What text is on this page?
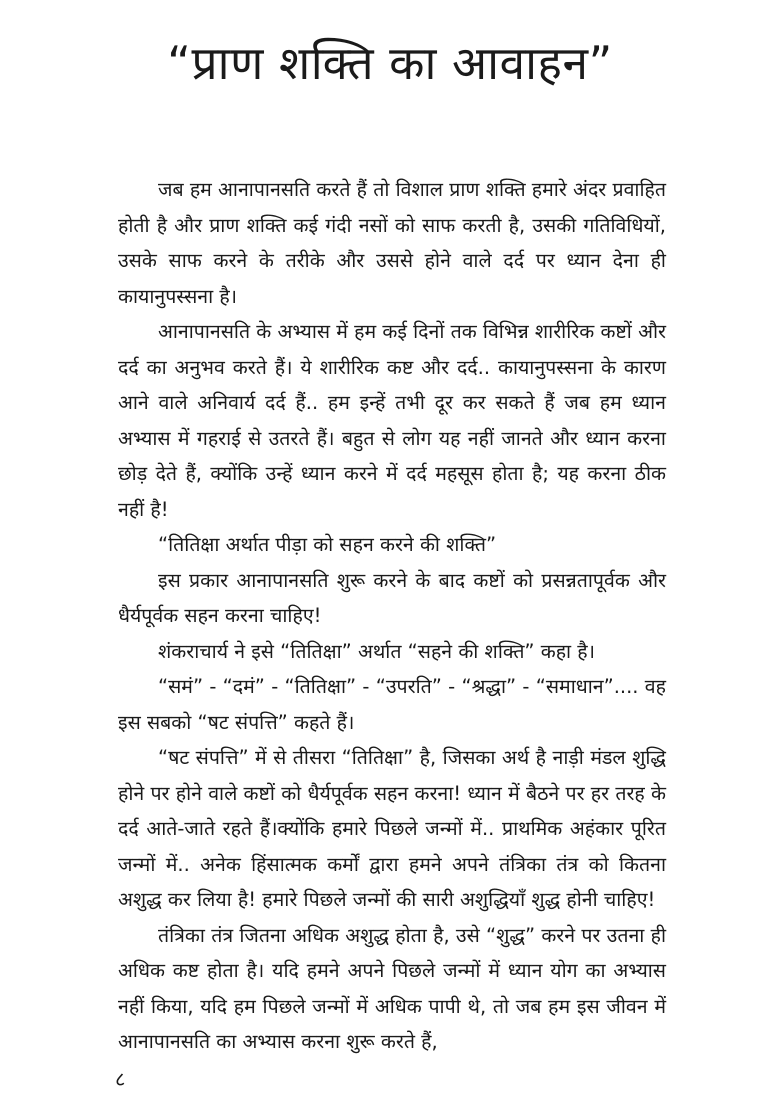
“प्राण शक्ति का आवाहन”

जब हम आनापानसति करते हैं तो विशाल प्राण शक्ति हमारे अंदर प्रवाहित होती है और प्राण शक्ति कई गंदी नसों को साफ करती है, उसकी गतिविधियों, उसके साफ करने के तरीके और उससे होने वाले दर्द पर ध्यान देना ही कायानुपस्सना है।

आनापानसति के अभ्यास में हम कई दिनों तक विभिन्न शारीरिक कष्टों और दर्द का अनुभव करते हैं। ये शारीरिक कष्ट और दर्द.. कायानुपस्सना के कारण आने वाले अनिवार्य दर्द हैं.. हम इन्हें तभी दूर कर सकते हैं जब हम ध्यान अभ्यास में गहराई से उतरते हैं। बहुत से लोग यह नहीं जानते और ध्यान करना छोड़ देते हैं, क्योंकि उन्हें ध्यान करने में दर्द महसूस होता है; यह करना ठीक नहीं है!

“तितिक्षा अर्थात पीड़ा को सहन करने की शक्ति”

इस प्रकार आनापानसति शुरू करने के बाद कष्टों को प्रसन्नतापूर्वक और धैर्यपूर्वक सहन करना चाहिए!

शंकराचार्य ने इसे “तितिक्षा” अर्थात “सहने की शक्ति” कहा है।

“समं” - “दमं” - “तितिक्षा” - “उपरति” - “श्रद्धा” - “समाधान”.... वह इस सबको “षट संपत्ति” कहते हैं।

“षट संपत्ति” में से तीसरा “तितिक्षा” है, जिसका अर्थ है नाड़ी मंडल शुद्धि होने पर होने वाले कष्टों को धैर्यपूर्वक सहन करना! ध्यान में बैठने पर हर तरह के दर्द आते-जाते रहते हैं।क्योंकि हमारे पिछले जन्मों में.. प्राथमिक अहंकार पूरित जन्मों में.. अनेक हिंसात्मक कर्मों द्वारा हमने अपने तंत्रिका तंत्र को कितना अशुद्ध कर लिया है! हमारे पिछले जन्मों की सारी अशुद्धियाँ शुद्ध होनी चाहिए!

तंत्रिका तंत्र जितना अधिक अशुद्ध होता है, उसे “शुद्ध” करने पर उतना ही अधिक कष्ट होता है। यदि हमने अपने पिछले जन्मों में ध्यान योग का अभ्यास नहीं किया, यदि हम पिछले जन्मों में अधिक पापी थे, तो जब हम इस जीवन में आनापानसति का अभ्यास करना शुरू करते हैं,

८
